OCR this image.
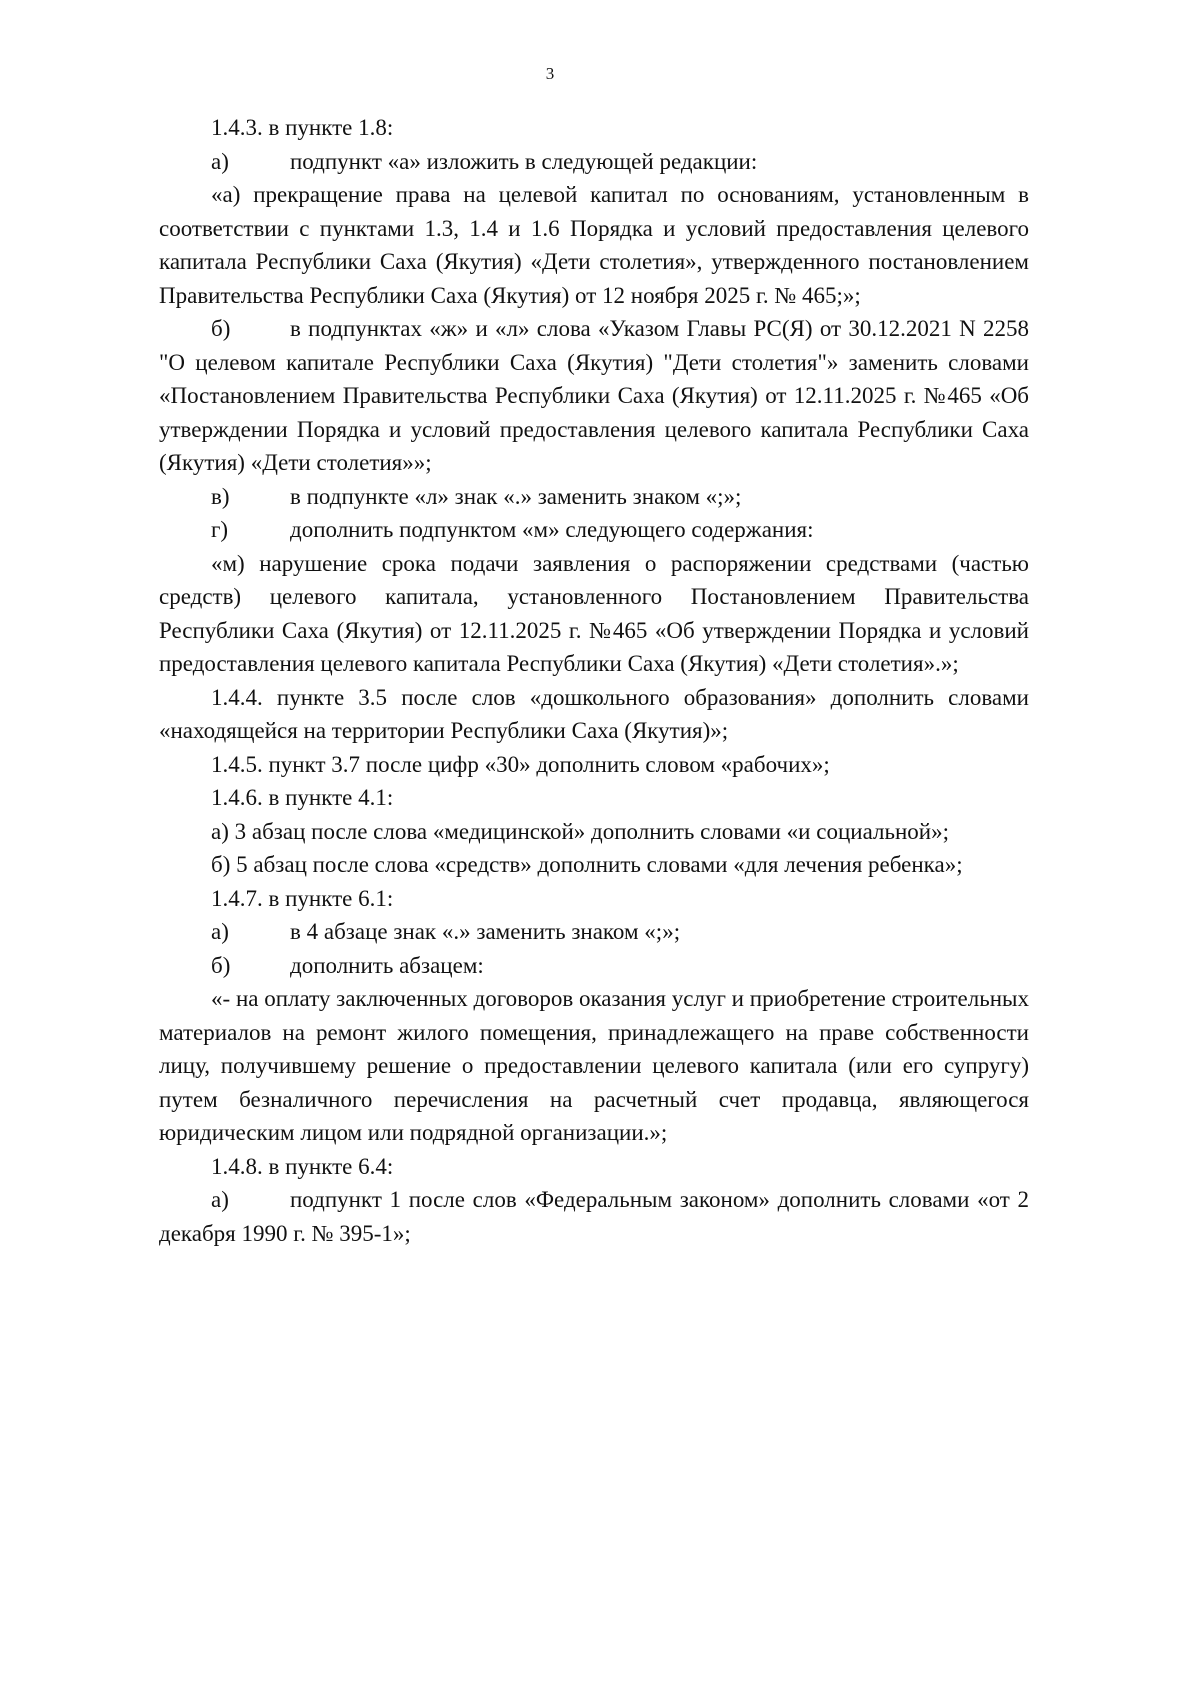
3

1.4.3. в пункте 1.8:

а)	подпункт «а» изложить в следующей редакции:

«а) прекращение права на целевой капитал по основаниям, установленным в соответствии с пунктами 1.3, 1.4 и 1.6 Порядка и условий предоставления целевого капитала Республики Саха (Якутия) «Дети столетия», утвержденного постановлением Правительства Республики Саха (Якутия) от 12 ноября 2025 г. № 465;»;

б)	в подпунктах «ж» и «л» слова «Указом Главы РС(Я) от 30.12.2021 N 2258 "О целевом капитале Республики Саха (Якутия) "Дети столетия"» заменить словами «Постановлением Правительства Республики Саха (Якутия) от 12.11.2025 г. №465 «Об утверждении Порядка и условий предоставления целевого капитала Республики Саха (Якутия) «Дети столетия»»;

в)	в подпункте «л» знак «.» заменить знаком «;»;

г)	дополнить подпунктом «м» следующего содержания:

«м) нарушение срока подачи заявления о распоряжении средствами (частью средств) целевого капитала, установленного Постановлением Правительства Республики Саха (Якутия) от 12.11.2025 г. №465 «Об утверждении Порядка и условий предоставления целевого капитала Республики Саха (Якутия) «Дети столетия».»;

1.4.4. пункте 3.5 после слов «дошкольного образования» дополнить словами «находящейся на территории Республики Саха (Якутия)»;

1.4.5. пункт 3.7 после цифр «30» дополнить словом «рабочих»;

1.4.6. в пункте 4.1:

а) 3 абзац после слова «медицинской» дополнить словами «и социальной»;

б) 5 абзац после слова «средств» дополнить словами «для лечения ребенка»;

1.4.7. в пункте 6.1:

а)	в 4 абзаце знак «.» заменить знаком «;»;

б)	дополнить абзацем:

«- на оплату заключенных договоров оказания услуг и приобретение строительных материалов на ремонт жилого помещения, принадлежащего на праве собственности лицу, получившему решение о предоставлении целевого капитала (или его супругу) путем безналичного перечисления на расчетный счет продавца, являющегося юридическим лицом или подрядной организации.»;

1.4.8. в пункте 6.4:

а)	подпункт 1 после слов «Федеральным законом» дополнить словами «от 2 декабря 1990 г. № 395-1»;
